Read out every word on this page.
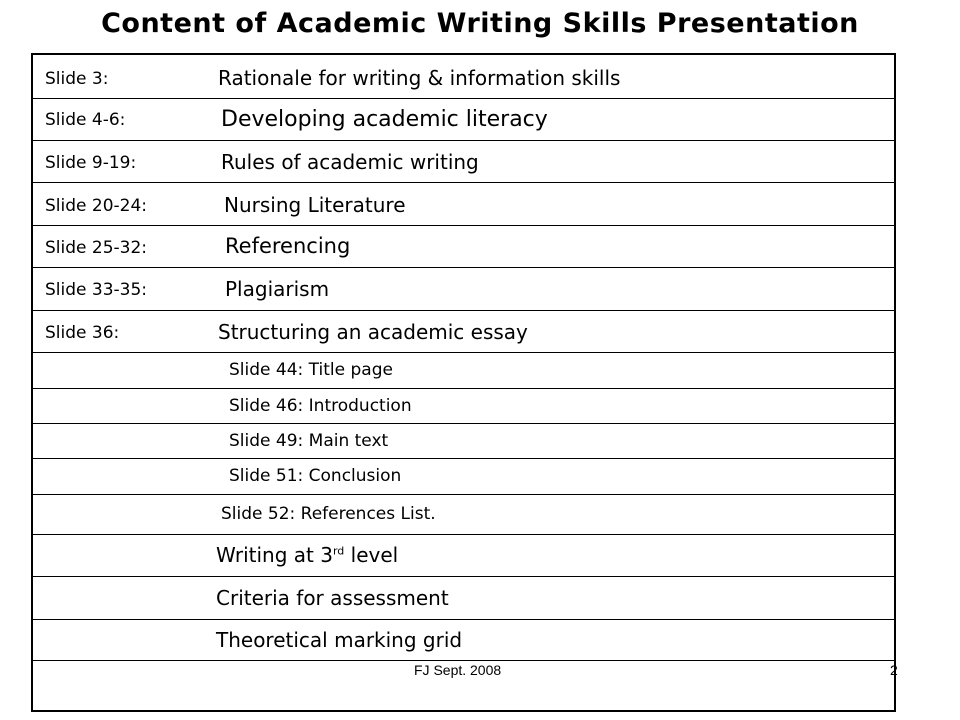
Content of Academic Writing Skills Presentation
Slide 3:	Rationale for writing & information skills
Slide 4-6:	Developing academic literacy
Slide 9-19:	Rules of academic writing
Slide 20-24:	Nursing Literature
Slide 25-32:	Referencing
Slide 33-35:	Plagiarism
Slide 36:	Structuring an academic essay
Slide 44: Title page
Slide 46: Introduction
Slide 49: Main text
Slide 51: Conclusion
Slide 52: References List.
Writing at 3rd level
Criteria for assessment
Theoretical marking grid
FJ Sept. 2008	2
